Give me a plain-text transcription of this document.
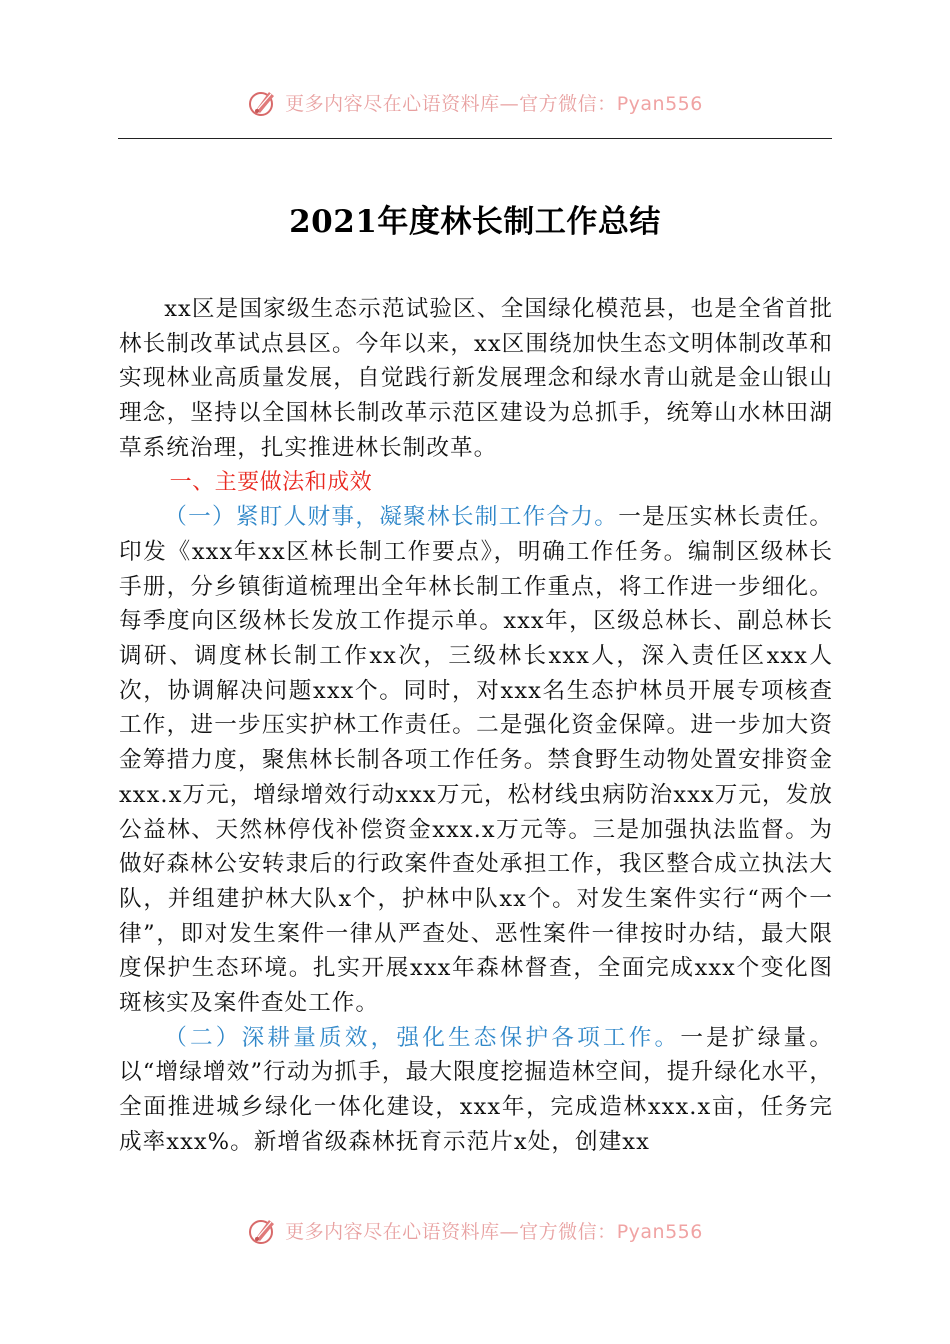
更多内容尽在心语资料库—官方微信：Pyan556
2021年度林长制工作总结

xx区是国家级生态示范试验区、全国绿化模范县，也是全省首批林长制改革试点县区。今年以来，xx区围绕加快生态文明体制改革和实现林业高质量发展，自觉践行新发展理念和绿水青山就是金山银山理念，坚持以全国林长制改革示范区建设为总抓手，统筹山水林田湖草系统治理，扎实推进林长制改革。

一、主要做法和成效

（一）紧盯人财事，凝聚林长制工作合力。一是压实林长责任。印发《xxx年xx区林长制工作要点》，明确工作任务。编制区级林长手册，分乡镇街道梳理出全年林长制工作重点，将工作进一步细化。每季度向区级林长发放工作提示单。xxx年，区级总林长、副总林长调研、调度林长制工作xx次，三级林长xxx人，深入责任区xxx人次，协调解决问题xxx个。同时，对xxx名生态护林员开展专项核查工作，进一步压实护林工作责任。二是强化资金保障。进一步加大资金筹措力度，聚焦林长制各项工作任务。禁食野生动物处置安排资金xxx.x万元，增绿增效行动xxx万元，松材线虫病防治xxx万元，发放公益林、天然林停伐补偿资金xxx.x万元等。三是加强执法监督。为做好森林公安转隶后的行政案件查处承担工作，我区整合成立执法大队，并组建护林大队x个，护林中队xx个。对发生案件实行“两个一律”，即对发生案件一律从严查处、恶性案件一律按时办结，最大限度保护生态环境。扎实开展xxx年森林督查，全面完成xxx个变化图斑核实及案件查处工作。

（二）深耕量质效，强化生态保护各项工作。一是扩绿量。以“增绿增效”行动为抓手，最大限度挖掘造林空间，提升绿化水平，全面推进城乡绿化一体化建设，xxx年，完成造林xxx.x亩，任务完成率xxx%。新增省级森林抚育示范片x处，创建xx

更多内容尽在心语资料库—官方微信：Pyan556
